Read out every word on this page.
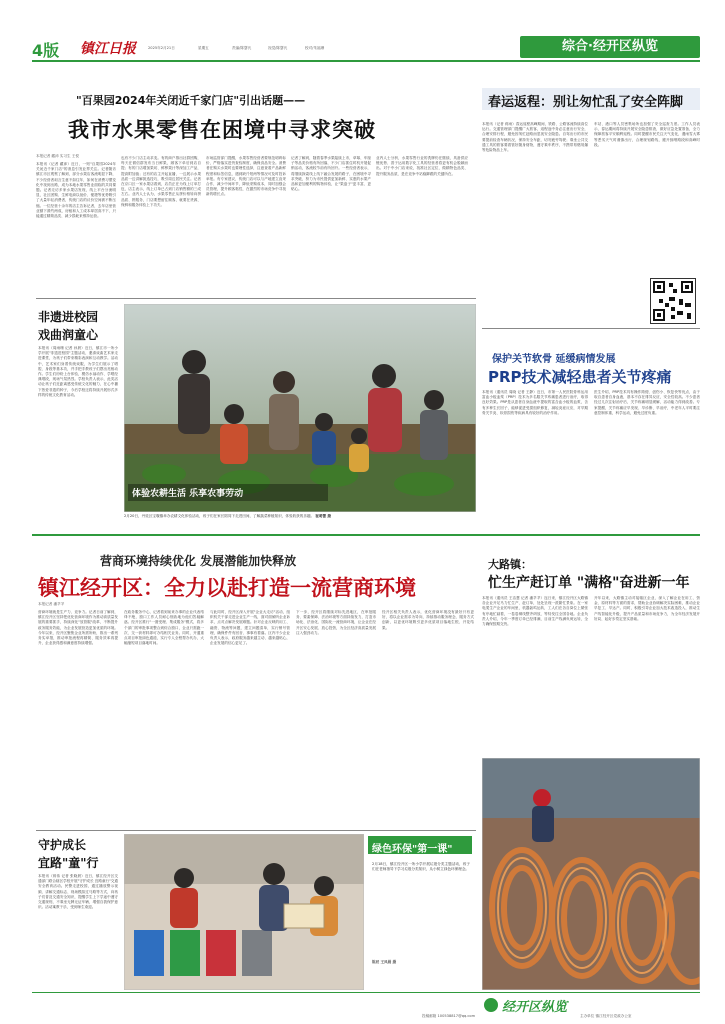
4版 镇江日报	2025年2月21日	星期五	责编/陈婴氏	视觉/陈婴氏	校对/朱福珊	综合·经开区纵览
"百果园2024年关闭近千家门店"引出话题——
我市水果零售在困境中寻求突破
本报记者 藏沛 实习生 王悦
本报讯（记者 藏沛）近日，一则"百果园2024年关闭近千家门店"的消息引发业界关注。记者随访镇江市区观察了解到，部分水果店客流明显下降，不少经营者坦言生意不如往年，如何在消费习惯变化中找到出路，成为本地水果零售业面临的共同课题。记者走访多家水果店发现，线上平台分流明显，社区团购、生鲜电商以低价、便捷等优势吸引了大量年轻消费者，传统门店的议价空间被不断压缩。一位经营十余年的店主告诉记者，去年店里营业额下滑约两成，房租和人工成本却居高不下，只能通过精简品类、减少损耗来维持运营。
也有不少门店主动求变。有的商户推出社群团购，每天在微信群发布当日鲜果，顾客下单后到店自提；有的门店增加果切、鲜榨果汁等深加工产品，提高附加值；还有的店主开起直播，一边展示水果品质一边讲解挑选技巧，吸引周边居民关注。记者在京口区一家水果店看到，店员正在为线上订单打包，店主表示，线上订单已占到门店销售额的三成左右。业内人士认为，水果零售正从拼价格转向拼品质、拼服务，门店要想留住顾客，就要在货源、保鲜和服务体验上下功夫。
市场监管部门提醒，水果零售经营者要规范明码标价，严格落实进货查验制度，确保食品安全。消费者在购买水果时也要理性选择，注意查看产品新鲜程度和标签信息，遇到缺斤短两等情况可及时投诉举报。有专家建议，传统门店可以与产地建立直采合作，减少中间环节，降低采购成本，同时加强会员管理，提升顾客黏性，在激烈的市场竞争中寻找新的增长点。
记者了解到，随着春季水果陆续上市，草莓、车厘子等品类价格有所回落，不少门店抓住时机开展促销活动，客流较节前有所回升。一些经营者表示，将继续探索线上线下融合发展的路子，在困境中寻求突破，努力为市民提供更加新鲜、实惠的水果产品和更加便利的购物体验，让"果盘子"更丰富、更贴心。
业内人士分析，水果零售行业的洗牌仍在继续，具备供应链优势、善于运用数字化工具的经营者将更有机会脱颖而出。对于中小门店来说，找准社区定位、做精特色品类、提升服务品质，是在竞争中站稳脚跟的关键所在。
春运返程：别让匆忙乱了安全阵脚
本报讯（记者 蒋雨）春运返程高峰期间，铁路、公路客流持续高位运行。交通管理部门提醒广大旅客，返程途中务必注意出行安全，合理安排行程，避免因匆忙赶路而忽视安全隐患。自驾出行的市民要提前检查车辆状况，保持安全车距，切勿疲劳驾驶；乘坐公共交通工具的旅客要看管好随身财物，遵守乘车秩序，不携带易燃易爆等危险物品上车。
车站、港口等人员密集场所也加强了安全巡查力度。工作人员表示，春运期间将持续开展安全隐患排查，做好应急处置准备，全力保障旅客平安顺利返程。同时提醒市民关注天气变化，遇雨雪大雾等恶劣天气时谨慎出行，合理规划路线，避开拥堵路段和高峰时段。
非遗进校园
戏曲润童心
本报讯（周雨珊 记者 孙晨）近日，镇江市一所小学开展"非遗进校园"主题活动，邀请戏曲艺术家走进课堂，为孩子们带来精彩表演和互动教学。活动中，艺术家们身着传统戏服，为学生们展示了唱腔、身段等基本功，并手把手教孩子们摆出亮相动作。学生们纷纷上台体验，模仿水袖动作、学唱经典唱段，现场气氛热烈。学校负责人表示，此类活动让孩子们近距离感受传统文化的魅力，在心中播下热爱非遗的种子，今后学校还将持续开展形式多样的传统文化教育活动。
体验农耕生活 乐享农事劳动
2月20日，丹徒区宝堰镇举办农耕文化体验活动，孩子们在家长陪同下走进田间，了解蔬菜种植知识，体验收获的乐趣。 崔萌蕾 摄
保护关节软骨 延缓病情发展
PRP技术减轻患者关节疼痛
本报讯（通讯员 周晓 记者 王静）近日，市第一人民医院骨科运用富血小板血浆（PRP）技术为多名膝关节疼痛患者进行治疗，取得良好效果。PRP是从患者自身血液中提取的富含血小板的血浆，含有多种生长因子，能够促进受损组织修复，减轻炎症反应，对早期骨关节炎、软骨损伤等疾病具有较好的治疗作用。
医生介绍，PRP技术具有操作简便、创伤小、恢复快等优点，由于取自患者自身血液，基本不存在排异反应，安全性较高。不少患者经过几次注射治疗后，关节疼痛明显缓解，活动能力得到改善。专家提醒，关节疼痛应早发现、早诊断、早治疗，中老年人平时要注意控制体重，科学运动，避免过度负重。
营商环境持续优化 发展潜能加快释放
镇江经开区：全力以赴打造一流营商环境
本报记者 潘芊芊
营商环境就是生产力、竞争力。记者日前了解到，镇江经开区坚持把优化营商环境作为推动高质量发展的重要抓手，持续深化"放管服"改革，不断提升政务服务效能，为企业发展营造更加优质的环境。今年以来，经开区聚焦企业所需所盼，推出一系列务实举措，推动审批流程再精简、服务效率再提升，企业获得感和满意度持续增强。
在政务服务中心，记者看到前来办事的企业代表络绎不绝，窗口工作人员耐心细致地为他们答疑解惑。经开区推行"一窗受理、集成服务"模式，将多个部门的审批事项整合到综合窗口，企业只需跑一次、交一套材料即可办结相关业务。同时，开通重点项目审批绿色通道，实行专人全程帮办代办，大幅缩短项目落地时间。
与此同时，经开区深入开展"企业大走访"活动，组织机关干部走进企业生产一线，面对面倾听企业诉求，点对点解决发展难题。针对企业反映的用工、融资、物流等问题，建立问题清单，实行销号管理，确保件件有回音、事事有着落。区内不少企业负责人表示，政府服务越来越主动、越来越贴心，企业发展的信心更足了。
下一步，经开区将继续对标先进地区，在审批服务、要素保障、法治环境等方面持续发力，打造市场化、法治化、国际化一流营商环境，让企业在经开区安心发展、放心投资，为全区经济高质量发展注入强劲动力。
经开区相关负责人表示，优化营商环境没有最好只有更好，将以企业需求为导向，持续推动服务理念、服务方式创新，以更优环境吸引更多优质项目落地生根、开花结果。
大路镇：
忙生产赶订单 "满格"奋进新一年
本报讯（通讯员 王洁慧 记者 潘芊芊）连日来，镇江经开区大路镇各企业开足马力忙生产、赶订单，处处呈现一派繁忙景象。在一家电缆生产企业的车间里，机器轰鸣运转，工人们在各自岗位上紧张有序地忙碌着，一卷卷铜线整齐码放，等待发往全国各地。企业负责人介绍，今年一季度订单已经排满，目前生产线满负荷运转，全力确保按期交货。
开年以来，大路镇主动对接辖区企业，深入了解企业在用工、资金、原材料等方面的需求，帮助企业协调解决实际困难，推动企业早复工、早达产。同时，积极引导企业加大技术改造投入，推动生产线智能化升级，提升产品质量和市场竞争力，为全年经济发展开好局、起好步奠定坚实基础。
守护成长
宜路"童"行
本报讯（蒋伟 记者 张晓晨）近日，镇江经开区交通部门联合辖区学校开展"守护成长 宜路童行"交通安全教育活动。民警走进校园，通过播放警示视频、讲解交通标志、现场模拟过马路等方式，向孩子们普及交通安全知识，提醒学生上下学途中遵守交通规则，不乘坐无牌无证车辆，增强自我保护意识。活动寓教于乐，受到师生欢迎。
绿色环保"第一课"
2月18日，镇江经开区一所小学开展垃圾分类主题活动，孩子们在老师指导下学习垃圾分类知识，从小树立绿色环保理念。
陈辰 王凤娟 摄
经开区纵览
投稿邮箱 100538817@qq.com	主办单位 镇江经开区党政办公室
